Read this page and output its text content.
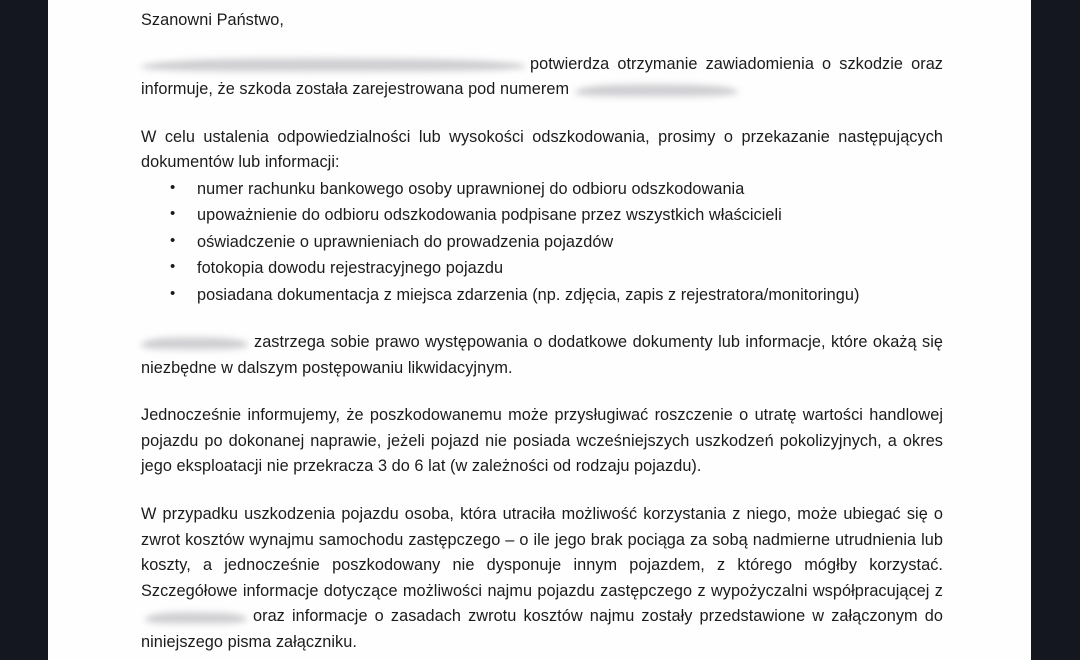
Szanowni Państwo,

potwierdza otrzymanie zawiadomienia o szkodzie oraz informuje, że szkoda została zarejestrowana pod numerem

W celu ustalenia odpowiedzialności lub wysokości odszkodowania, prosimy o przekazanie następujących dokumentów lub informacji:

• numer rachunku bankowego osoby uprawnionej do odbioru odszkodowania
• upoważnienie do odbioru odszkodowania podpisane przez wszystkich właścicieli
• oświadczenie o uprawnieniach do prowadzenia pojazdów
• fotokopia dowodu rejestracyjnego pojazdu
• posiadana dokumentacja z miejsca zdarzenia (np. zdjęcia, zapis z rejestratora/monitoringu)

zastrzega sobie prawo występowania o dodatkowe dokumenty lub informacje, które okażą się niezbędne w dalszym postępowaniu likwidacyjnym.

Jednocześnie informujemy, że poszkodowanemu może przysługiwać roszczenie o utratę wartości handlowej pojazdu po dokonanej naprawie, jeżeli pojazd nie posiada wcześniejszych uszkodzeń pokolizyjnych, a okres jego eksploatacji nie przekracza 3 do 6 lat (w zależności od rodzaju pojazdu).

W przypadku uszkodzenia pojazdu osoba, która utraciła możliwość korzystania z niego, może ubiegać się o zwrot kosztów wynajmu samochodu zastępczego – o ile jego brak pociąga za sobą nadmierne utrudnienia lub koszty, a jednocześnie poszkodowany nie dysponuje innym pojazdem, z którego mógłby korzystać. Szczegółowe informacje dotyczące możliwości najmu pojazdu zastępczego z wypożyczalni współpracującej zoraz informacje o zasadach zwrotu kosztów najmu zostały przedstawione w załączonym do niniejszego pisma załączniku.
